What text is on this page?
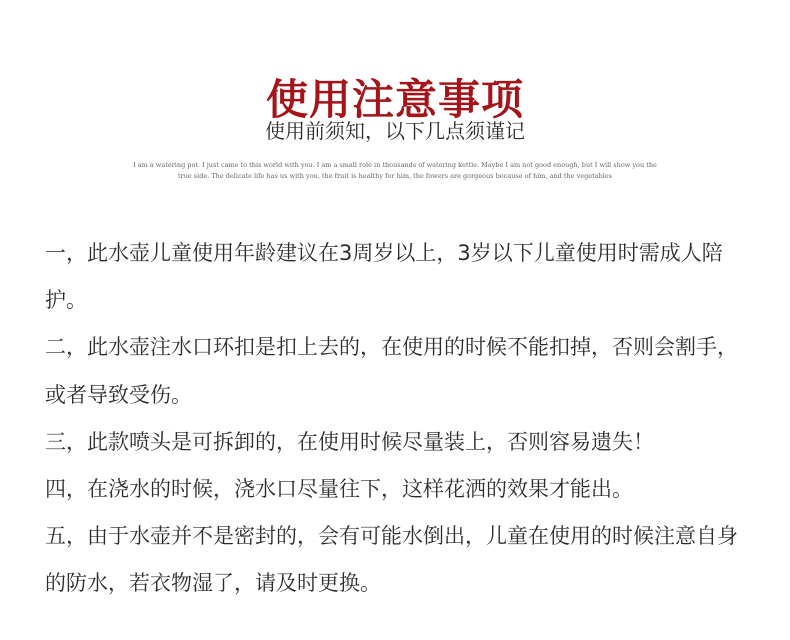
使用注意事项
使用前须知，以下几点须谨记
I am a watering pot. I just came to this world with you. I am a small role in thousands of watering kettle. Maybe I am not good enough, but I will show you the true side. The delicate life has us with you, the fruit is healthy for him, the fowers are gorgeous because of him, and the vegetables
一，此水壶儿童使用年龄建议在3周岁以上，3岁以下儿童使用时需成人陪护。
二，此水壶注水口环扣是扣上去的，在使用的时候不能扣掉，否则会割手，或者导致受伤。
三，此款喷头是可拆卸的，在使用时候尽量装上，否则容易遗失！
四，在浇水的时候，浇水口尽量往下，这样花洒的效果才能出。
五，由于水壶并不是密封的，会有可能水倒出，儿童在使用的时候注意自身的防水，若衣物湿了，请及时更换。
